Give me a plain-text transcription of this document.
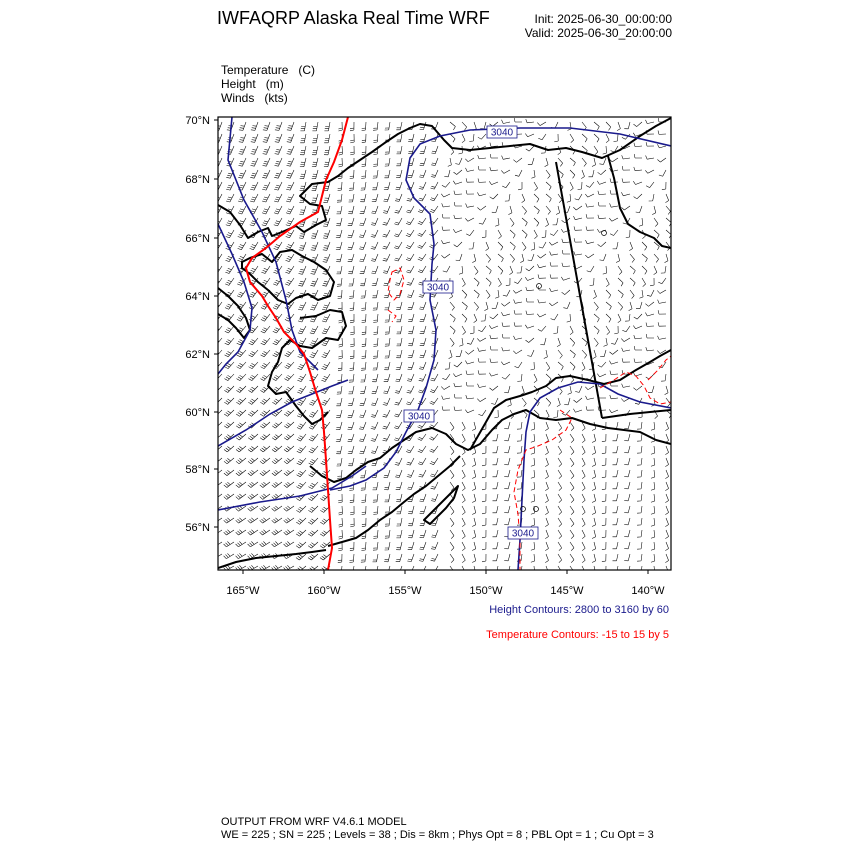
IWFAQRP Alaska Real Time WRF	Init: 2025-06-30_00:00:00
Valid: 2025-06-30_20:00:00
Temperature (C)
Height (m)
Winds (kts)
3040
3040
3040
3040
70°N
68°N
66°N
64°N
62°N
60°N
58°N
56°N
165°W	160°W	155°W	150°W	145°W	140°W
Height Contours: 2800 to 3160 by 60
Temperature Contours: -15 to 15 by 5
OUTPUT FROM WRF V4.6.1 MODEL
WE = 225 ; SN = 225 ; Levels = 38 ; Dis = 8km ; Phys Opt = 8 ; PBL Opt = 1 ; Cu Opt = 3
